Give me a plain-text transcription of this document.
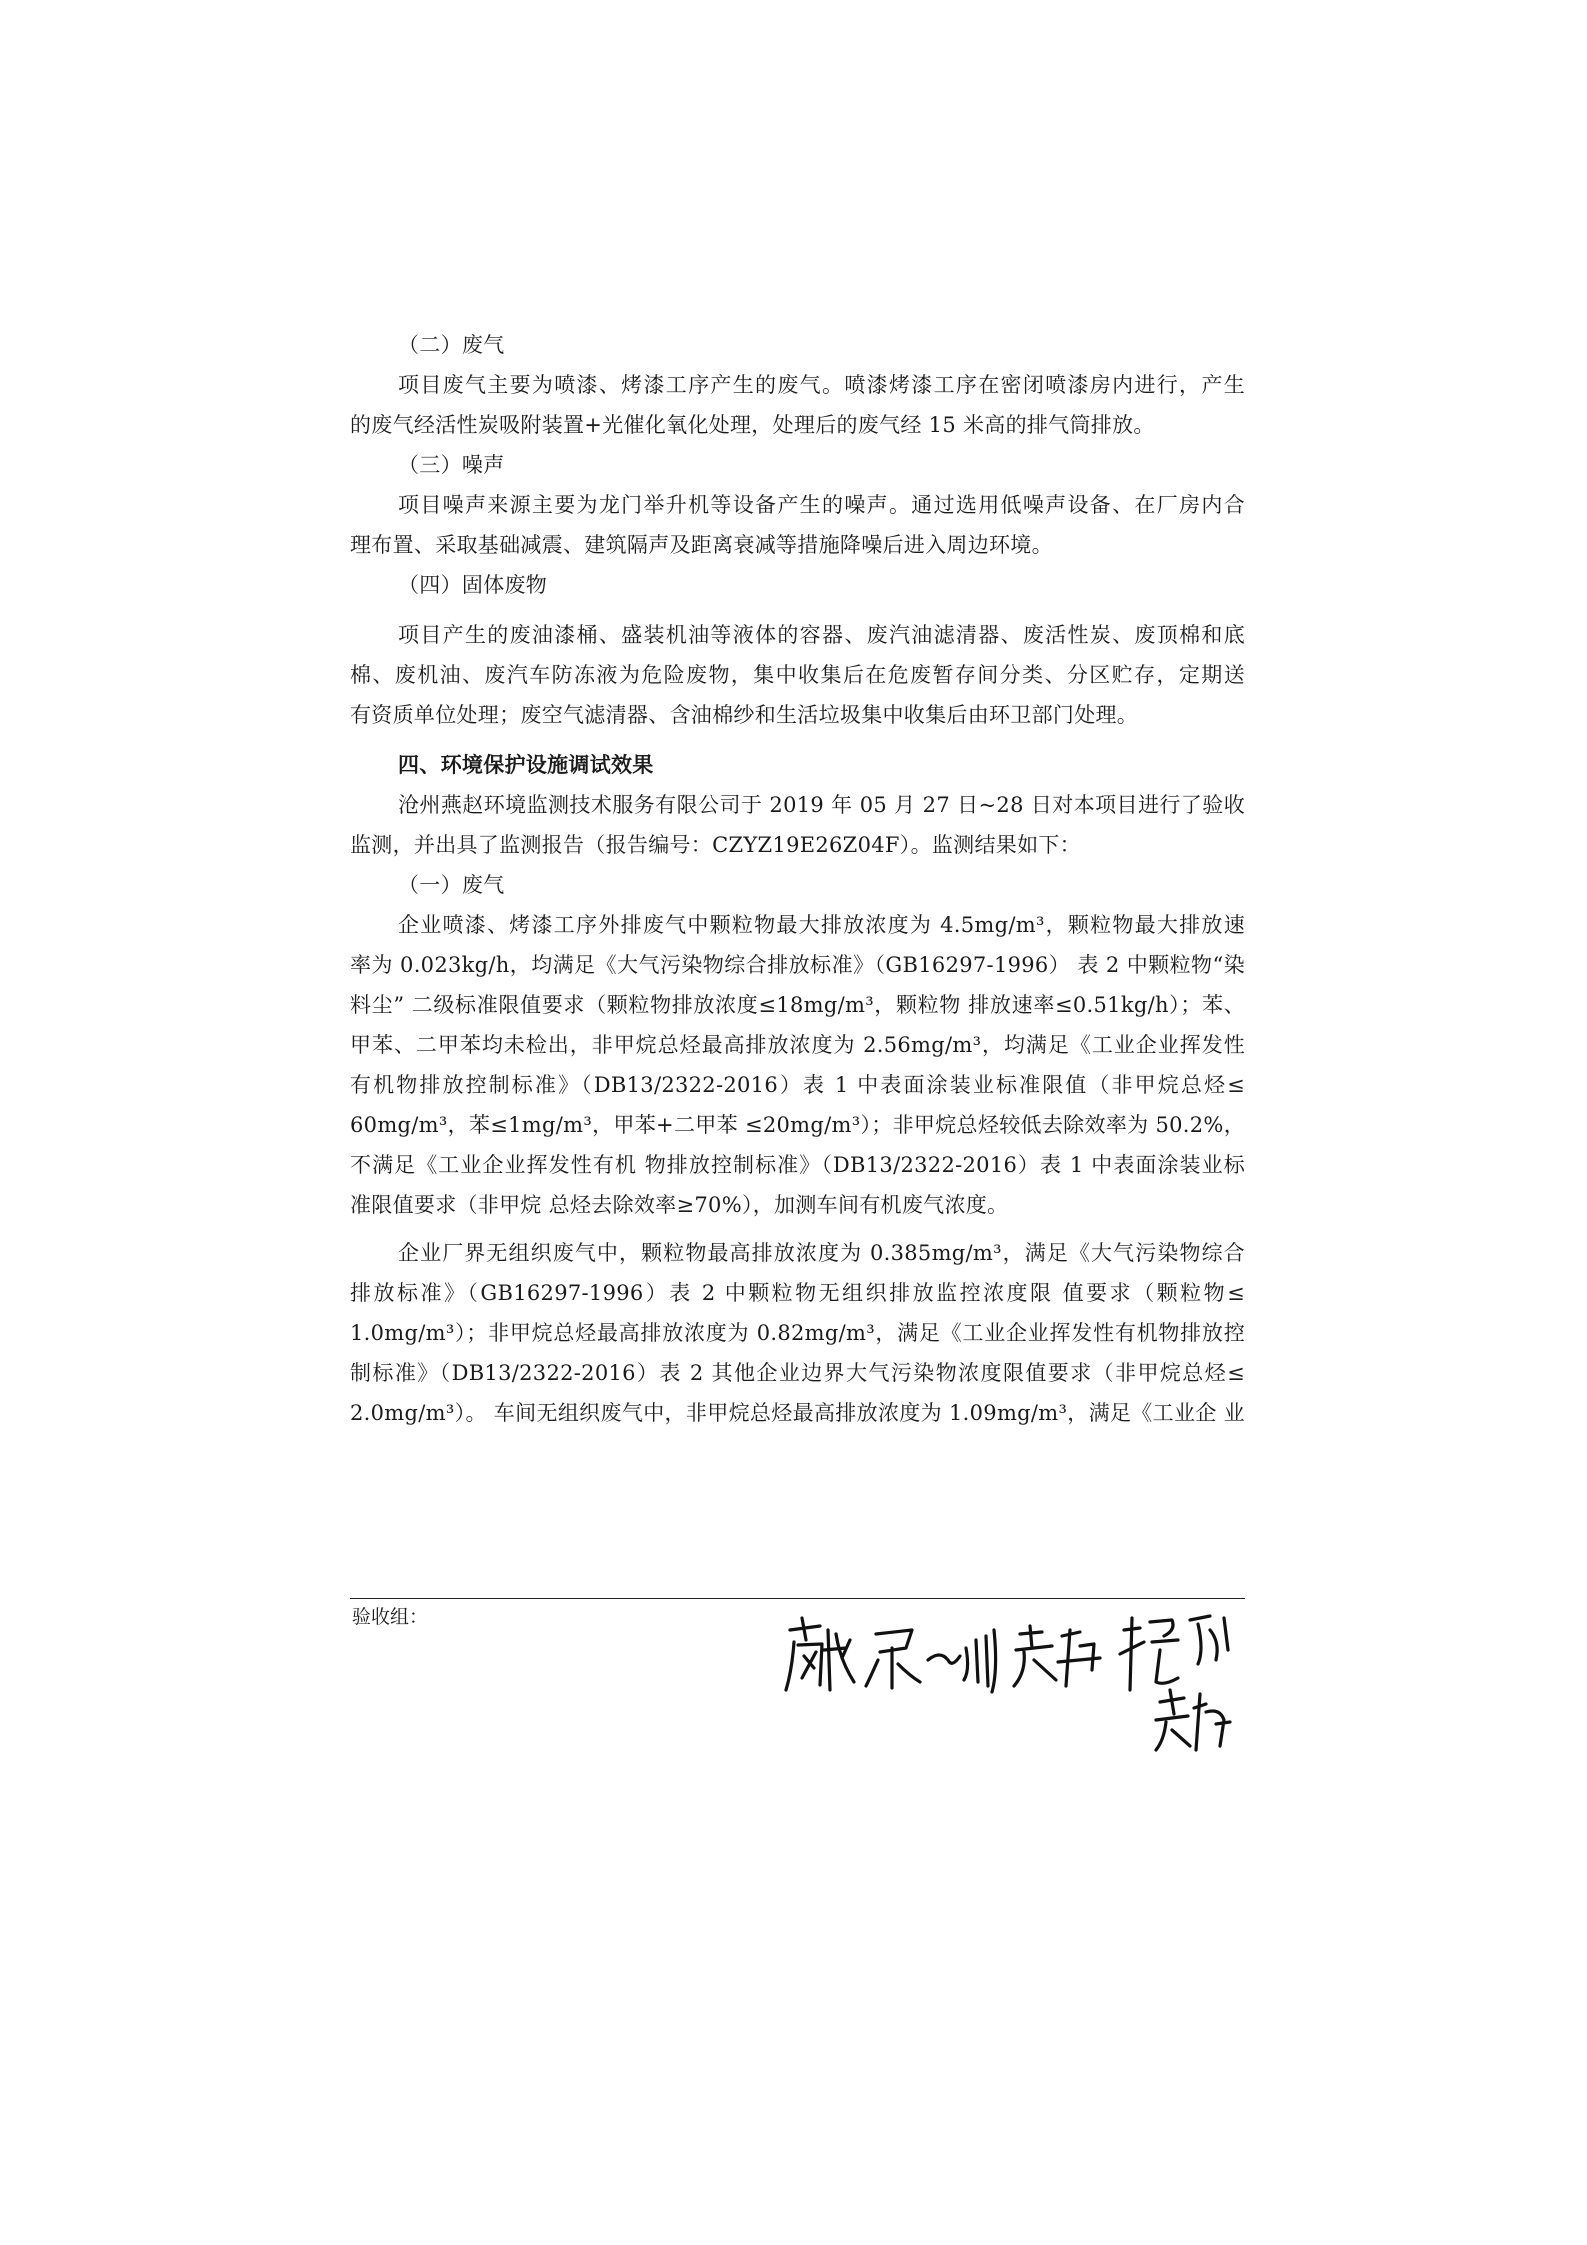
（二）废气
项目废气主要为喷漆、烤漆工序产生的废气。喷漆烤漆工序在密闭喷漆房内进行，产生
的废气经活性炭吸附装置+光催化氧化处理，处理后的废气经 15 米高的排气筒排放。
（三）噪声
项目噪声来源主要为龙门举升机等设备产生的噪声。通过选用低噪声设备、在厂房内合
理布置、采取基础减震、建筑隔声及距离衰减等措施降噪后进入周边环境。
（四）固体废物
项目产生的废油漆桶、盛装机油等液体的容器、废汽油滤清器、废活性炭、废顶棉和底
棉、废机油、废汽车防冻液为危险废物，集中收集后在危废暂存间分类、分区贮存，定期送
有资质单位处理；废空气滤清器、含油棉纱和生活垃圾集中收集后由环卫部门处理。
四、环境保护设施调试效果
沧州燕赵环境监测技术服务有限公司于 2019 年 05 月 27 日~28 日对本项目进行了验收
监测，并出具了监测报告（报告编号：CZYZ19E26Z04F）。监测结果如下：
（一）废气
企业喷漆、烤漆工序外排废气中颗粒物最大排放浓度为 4.5mg/m³，颗粒物最大排放速
率为 0.023kg/h，均满足《大气污染物综合排放标准》（GB16297-1996） 表 2 中颗粒物“染
料尘” 二级标准限值要求（颗粒物排放浓度≤18mg/m³，颗粒物 排放速率≤0.51kg/h）；苯、
甲苯、二甲苯均未检出，非甲烷总烃最高排放浓度为 2.56mg/m³，均满足《工业企业挥发性
有机物排放控制标准》（DB13/2322-2016）表 1 中表面涂装业标准限值（非甲烷总烃≤
60mg/m³，苯≤1mg/m³，甲苯+二甲苯 ≤20mg/m³）；非甲烷总烃较低去除效率为 50.2%，
不满足《工业企业挥发性有机 物排放控制标准》（DB13/2322-2016）表 1 中表面涂装业标
准限值要求（非甲烷 总烃去除效率≥70%），加测车间有机废气浓度。
企业厂界无组织废气中，颗粒物最高排放浓度为 0.385mg/m³，满足《大气污染物综合
排放标准》（GB16297-1996）表 2 中颗粒物无组织排放监控浓度限 值要求（颗粒物≤
1.0mg/m³）；非甲烷总烃最高排放浓度为 0.82mg/m³，满足《工业企业挥发性有机物排放控
制标准》（DB13/2322-2016）表 2 其他企业边界大气污染物浓度限值要求（非甲烷总烃≤
2.0mg/m³）。 车间无组织废气中，非甲烷总烃最高排放浓度为 1.09mg/m³，满足《工业企 业
验收组：
